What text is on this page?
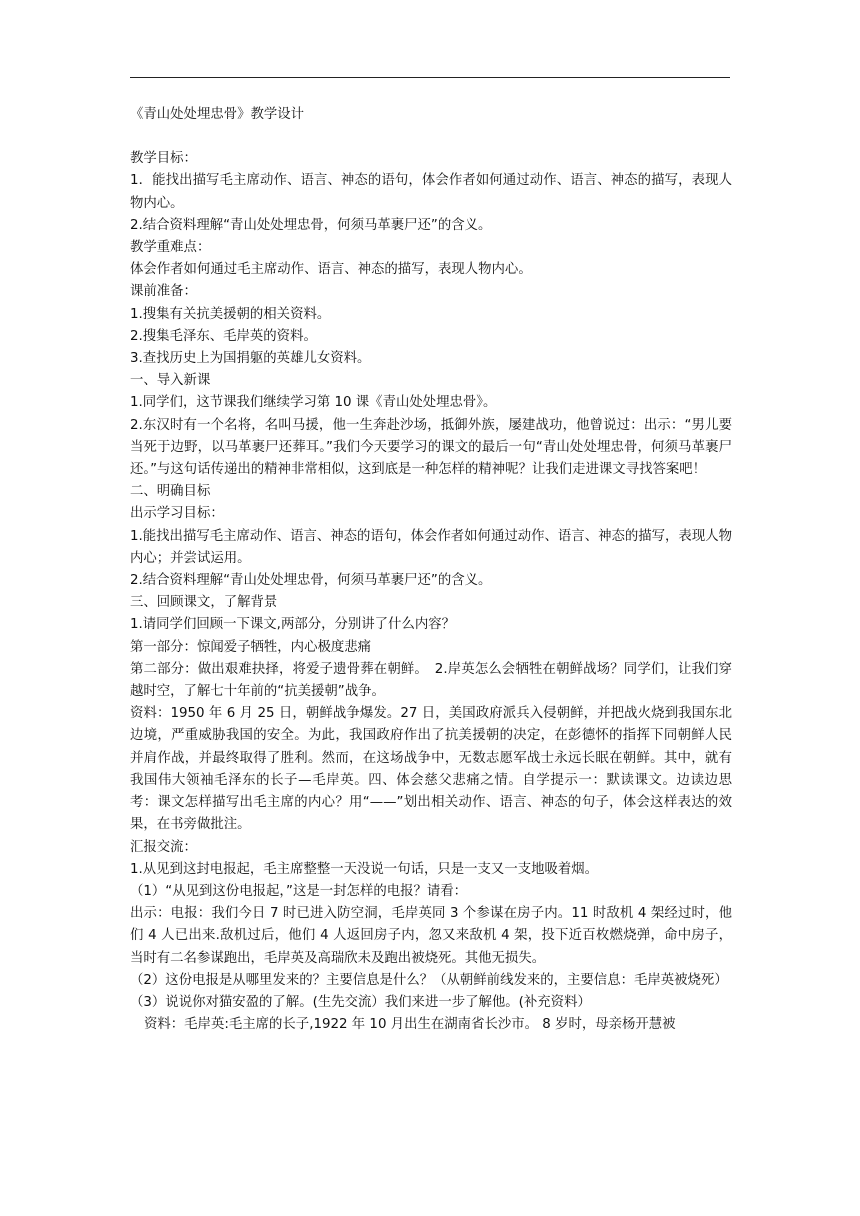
《青山处处埋忠骨》教学设计

教学目标：

1．能找出描写毛主席动作、语言、神态的语句，体会作者如何通过动作、语言、神态的描写，表现人物内心。

2.结合资料理解“青山处处埋忠骨，何须马革裹尸还”的含义。

教学重难点：

体会作者如何通过毛主席动作、语言、神态的描写，表现人物内心。

课前准备：

1.搜集有关抗美援朝的相关资料。

2.搜集毛泽东、毛岸英的资料。

3.查找历史上为国捐躯的英雄儿女资料。

一、导入新课

1.同学们，这节课我们继续学习第 10 课《青山处处埋忠骨》。

2.东汉时有一个名将，名叫马援，他一生奔赴沙场，抵御外族，屡建战功，他曾说过：出示：“男儿要当死于边野，以马革裹尸还葬耳。”我们今天要学习的课文的最后一句“青山处处埋忠骨，何须马革裹尸还。”与这句话传递出的精神非常相似，这到底是一种怎样的精神呢？让我们走进课文寻找答案吧！

二、明确目标

出示学习目标：

1.能找出描写毛主席动作、语言、神态的语句，体会作者如何通过动作、语言、神态的描写，表现人物内心；并尝试运用。

2.结合资料理解“青山处处埋忠骨，何须马革裹尸还”的含义。

三、回顾课文，了解背景

1.请同学们回顾一下课文,两部分，分别讲了什么内容？

第一部分：惊闻爱子牺牲，内心极度悲痛

第二部分：做出艰难抉择，将爱子遗骨葬在朝鲜。　2.岸英怎么会牺牲在朝鲜战场？同学们，让我们穿越时空，了解七十年前的“抗美援朝”战争。

资料：1950 年 6 月 25 日，朝鲜战争爆发。27 日，美国政府派兵入侵朝鲜，并把战火烧到我国东北边境，严重威胁我国的安全。为此，我国政府作出了抗美援朝的决定，在彭德怀的指挥下同朝鲜人民并肩作战，并最终取得了胜利。然而，在这场战争中，无数志愿军战士永远长眠在朝鲜。其中，就有我国伟大领袖毛泽东的长子—毛岸英。四、体会慈父悲痛之情。自学提示一：默读课文。边读边思考：课文怎样描写出毛主席的内心？用“——”划出相关动作、语言、神态的句子，体会这样表达的效果，在书旁做批注。

汇报交流：

1.从见到这封电报起，毛主席整整一天没说一句话，只是一支又一支地吸着烟。

（1）“从见到这份电报起，”这是一封怎样的电报？请看：

出示：电报：我们今日 7 时已进入防空洞，毛岸英同 3 个参谋在房子内。11 时敌机 4 架经过时，他们 4 人已出来.敌机过后，他们 4 人返回房子内，忽又来敌机 4 架，投下近百枚燃烧弹，命中房子，当时有二名参谋跑出，毛岸英及高瑞欣未及跑出被烧死。其他无损失。

（2）这份电报是从哪里发来的？主要信息是什么？（从朝鲜前线发来的，主要信息：毛岸英被烧死）

（3）说说你对猫安盈的了解。(生先交流）我们来进一步了解他。(补充资料）

资料：毛岸英:毛主席的长子,1922 年 10 月出生在湖南省长沙市。 8 岁时，母亲杨开慧被
